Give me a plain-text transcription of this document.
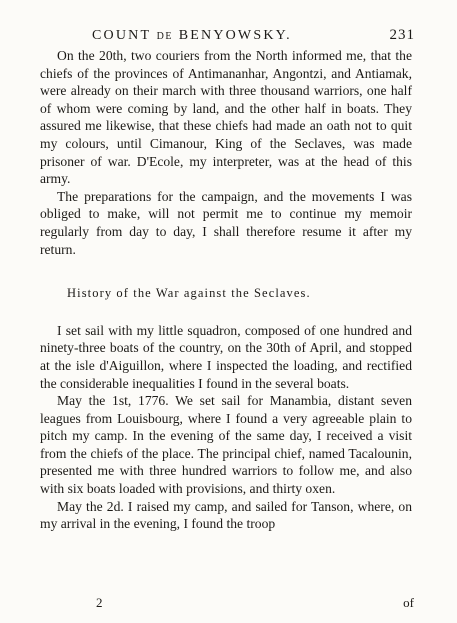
COUNT DE BENYOWSKY.	231

On the 20th, two couriers from the North informed me, that the chiefs of the provinces of Antimananhar, Angontzi, and Antiamak, were already on their march with three thousand warriors, one half of whom were coming by land, and the other half in boats. They assured me likewise, that these chiefs had made an oath not to quit my colours, until Cimanour, King of the Seclaves, was made prisoner of war. D'Ecole, my interpreter, was at the head of this army.

The preparations for the campaign, and the movements I was obliged to make, will not permit me to continue my memoir regularly from day to day, I shall therefore resume it after my return.

History of the War against the Seclaves.

I set sail with my little squadron, composed of one hundred and ninety-three boats of the country, on the 30th of April, and stopped at the isle d'Aiguillon, where I inspected the loading, and rectified the considerable inequalities I found in the several boats.

May the 1st, 1776. We set sail for Manambia, distant seven leagues from Louisbourg, where I found a very agreeable plain to pitch my camp. In the evening of the same day, I received a visit from the chiefs of the place. The principal chief, named Tacalounin, presented me with three hundred warriors to follow me, and also with six boats loaded with provisions, and thirty oxen.

May the 2d. I raised my camp, and sailed for Tanson, where, on my arrival in the evening, I found the troop

2	of
